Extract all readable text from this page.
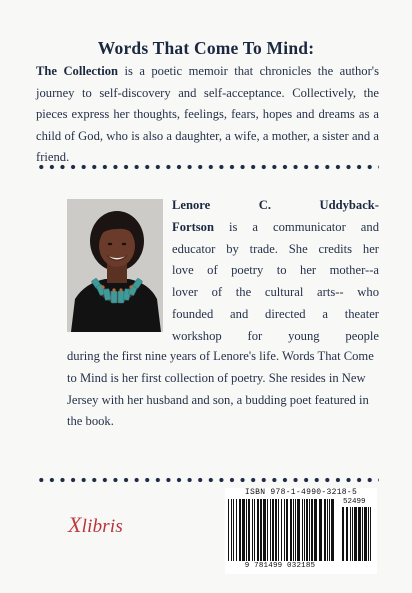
Words That Come To Mind:
The Collection is a poetic memoir that chronicles the author's journey to self-discovery and self-acceptance. Collectively, the pieces express her thoughts, feelings, fears, hopes and dreams as a child of God, who is also a daughter, a wife, a mother, a sister and a friend.
Lenore C. Uddyback-
Fortson is a communicator and
educator by trade. She credits her
love of poetry to her mother--a
lover of the cultural arts-- who
founded and directed a theater
workshop for young people
during the first nine years of Lenore's life. Words That Come to Mind is her first collection of poetry. She resides in New Jersey with her husband and son, a budding poet featured in the book.
Xlibris
ISBN 978-1-4990-3218-5
52499
9 781499 032185
